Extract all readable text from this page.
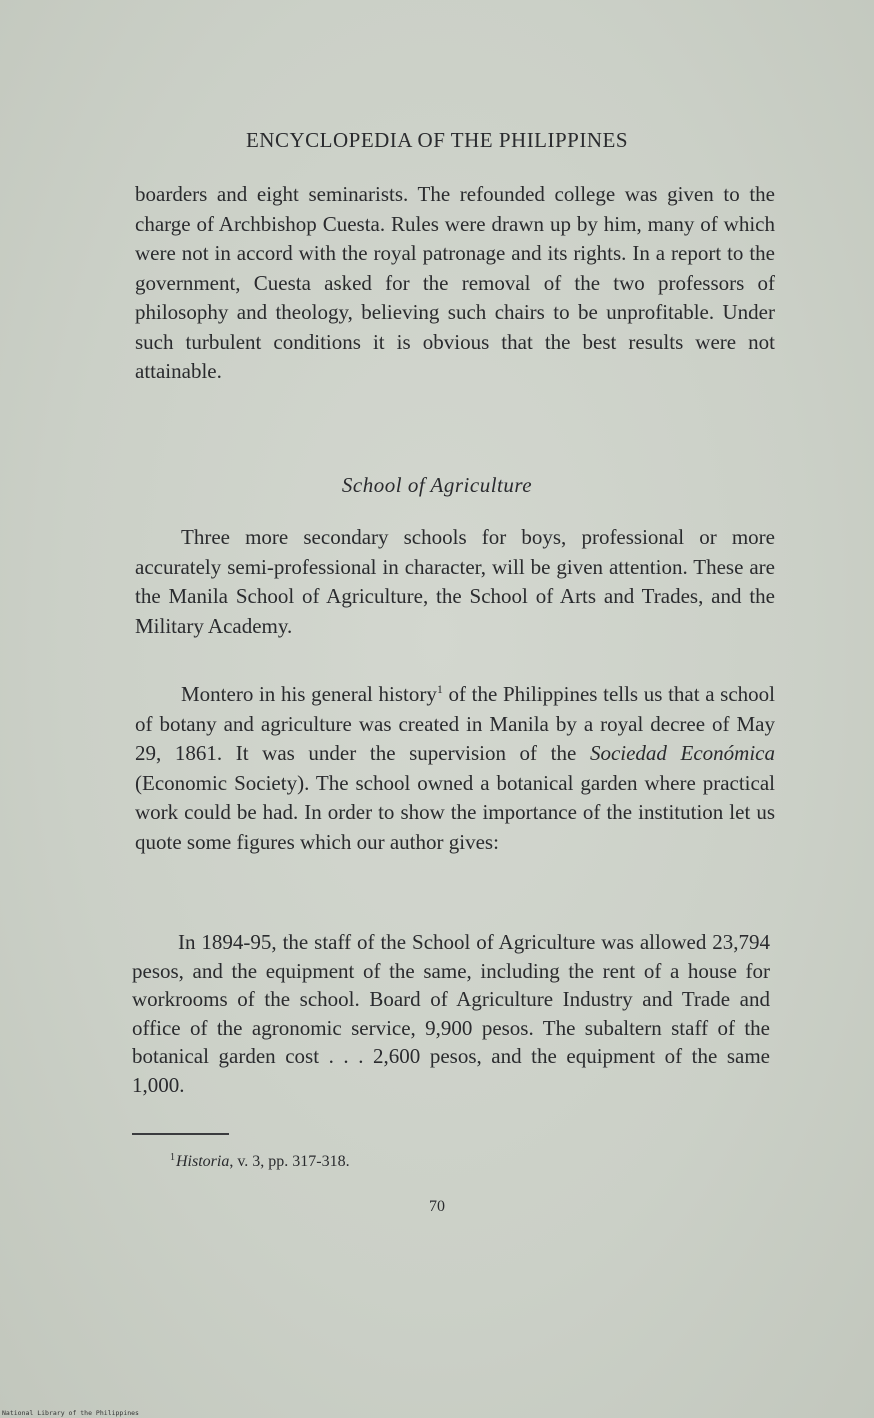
ENCYCLOPEDIA OF THE PHILIPPINES

boarders and eight seminarists. The refounded college was given to the charge of Archbishop Cuesta. Rules were drawn up by him, many of which were not in accord with the royal patronage and its rights. In a report to the government, Cuesta asked for the removal of the two professors of philosophy and theology, believing such chairs to be unprofitable. Under such turbulent conditions it is obvious that the best results were not attainable.

School of Agriculture

Three more secondary schools for boys, professional or more accurately semi-professional in character, will be given attention. These are the Manila School of Agriculture, the School of Arts and Trades, and the Military Academy.

Montero in his general history$^1$ of the Philippines tells us that a school of botany and agriculture was created in Manila by a royal decree of May 29, 1861. It was under the supervision of the Sociedad Económica (Economic Society). The school owned a botanical garden where practical work could be had. In order to show the importance of the institution let us quote some figures which our author gives:

In 1894-95, the staff of the School of Agriculture was allowed 23,794 pesos, and the equipment of the same, including the rent of a house for workrooms of the school. Board of Agriculture Industry and Trade and office of the agronomic service, 9,900 pesos. The subaltern staff of the botanical garden cost . . . 2,600 pesos, and the equipment of the same 1,000.

$^1$Historia, v. 3, pp. 317-318.
70
National Library of the Philippines
